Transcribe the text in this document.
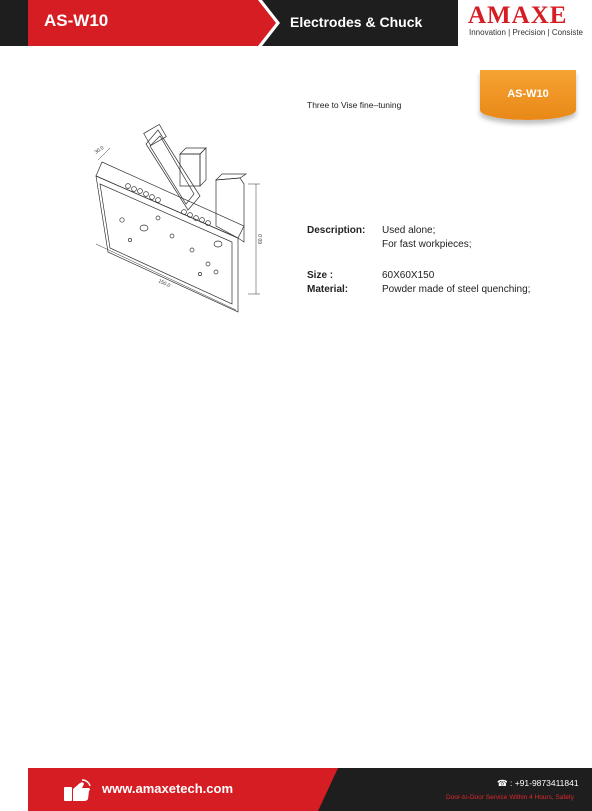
AS-W10	Electrodes & Chuck AMAXE
Innovation | Precision | Consiste
AS-W10
Three to Vise fine–tuning
30.0
150.0
60.0
Description: Used alone;
For fast workpieces;
Size :	60X60X150
Material:	Powder made of steel quenching;
www.amaxetech.com	☎ : +91-9873411841
Door-to-Door Service Within 4 Hours, Safety
